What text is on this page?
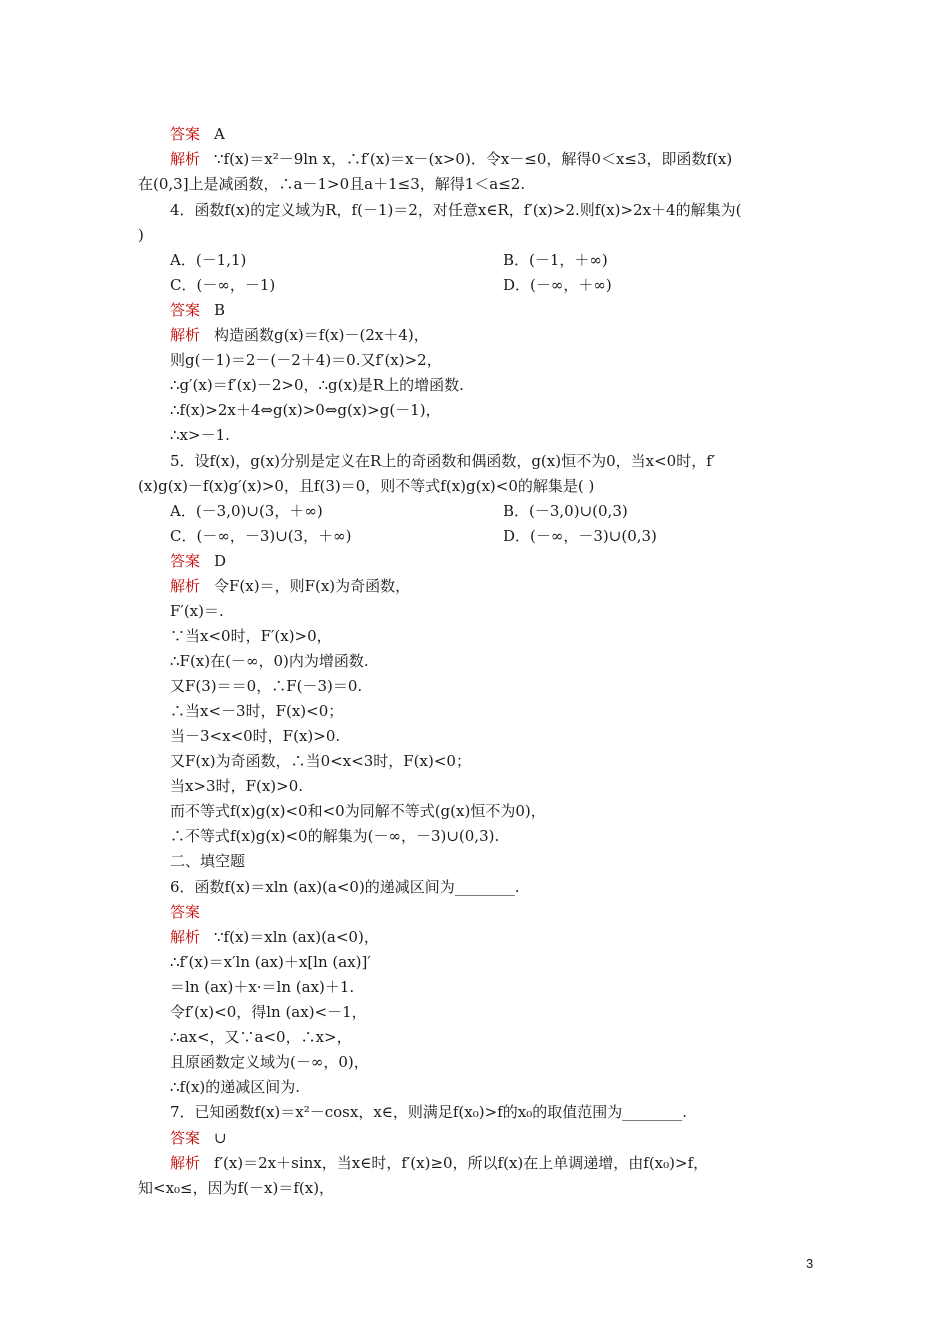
答案 A
解析 ∵f(x)＝x²－9ln x，∴f′(x)＝x－(x>0)．令x－≤0，解得0＜x≤3，即函数f(x)
在(0,3]上是减函数，∴a－1>0且a＋1≤3，解得1＜a≤2.
4．函数f(x)的定义域为R，f(－1)＝2，对任意x∈R，f′(x)>2.则f(x)>2x＋4的解集为(
)
A．(－1,1)
C．(－∞，－1)
答案 B
解析 构造函数g(x)＝f(x)－(2x＋4)，
则g(－1)＝2－(－2＋4)＝0.又f′(x)>2，
∴g′(x)＝f′(x)－2>0，∴g(x)是R上的增函数.
∴f(x)>2x＋4⇔g(x)>0⇔g(x)>g(－1)，
∴x>－1.
5．设f(x)，g(x)分别是定义在R上的奇函数和偶函数，g(x)恒不为0，当x<0时，f′
(x)g(x)－f(x)g′(x)>0，且f(3)＝0，则不等式f(x)g(x)<0的解集是( )
A．(－3,0)∪(3，＋∞)
C．(－∞，－3)∪(3，＋∞)
答案 D
解析 令F(x)＝，则F(x)为奇函数，
F′(x)＝.
∵当x<0时，F′(x)>0，
∴F(x)在(－∞，0)内为增函数.
又F(3)＝＝0，∴F(－3)＝0.
∴当x<－3时，F(x)<0；
当－3<x<0时，F(x)>0.
又F(x)为奇函数，∴当0<x<3时，F(x)<0；
当x>3时，F(x)>0.
而不等式f(x)g(x)<0和<0为同解不等式(g(x)恒不为0)，
∴不等式f(x)g(x)<0的解集为(－∞，－3)∪(0,3).
二、填空题
6．函数f(x)＝xln (ax)(a<0)的递减区间为________.
答案
解析 ∵f(x)＝xln (ax)(a<0)，
∴f′(x)＝x′ln (ax)＋x[ln (ax)]′
＝ln (ax)＋x·＝ln (ax)＋1.
令f′(x)<0，得ln (ax)<－1，
∴ax<，又∵a<0，∴x>，
且原函数定义域为(－∞，0)，
∴f(x)的递减区间为.
7．已知函数f(x)＝x²－cosx，x∈，则满足f(x₀)>f的x₀的取值范围为________.
答案 ∪
解析 f′(x)＝2x＋sinx，当x∈时，f′(x)≥0，所以f(x)在上单调递增，由f(x₀)>f，
知<x₀≤，因为f(－x)＝f(x)，
B．(－1，＋∞)
D．(－∞，＋∞)
B．(－3,0)∪(0,3)
D．(－∞，－3)∪(0,3)
3
